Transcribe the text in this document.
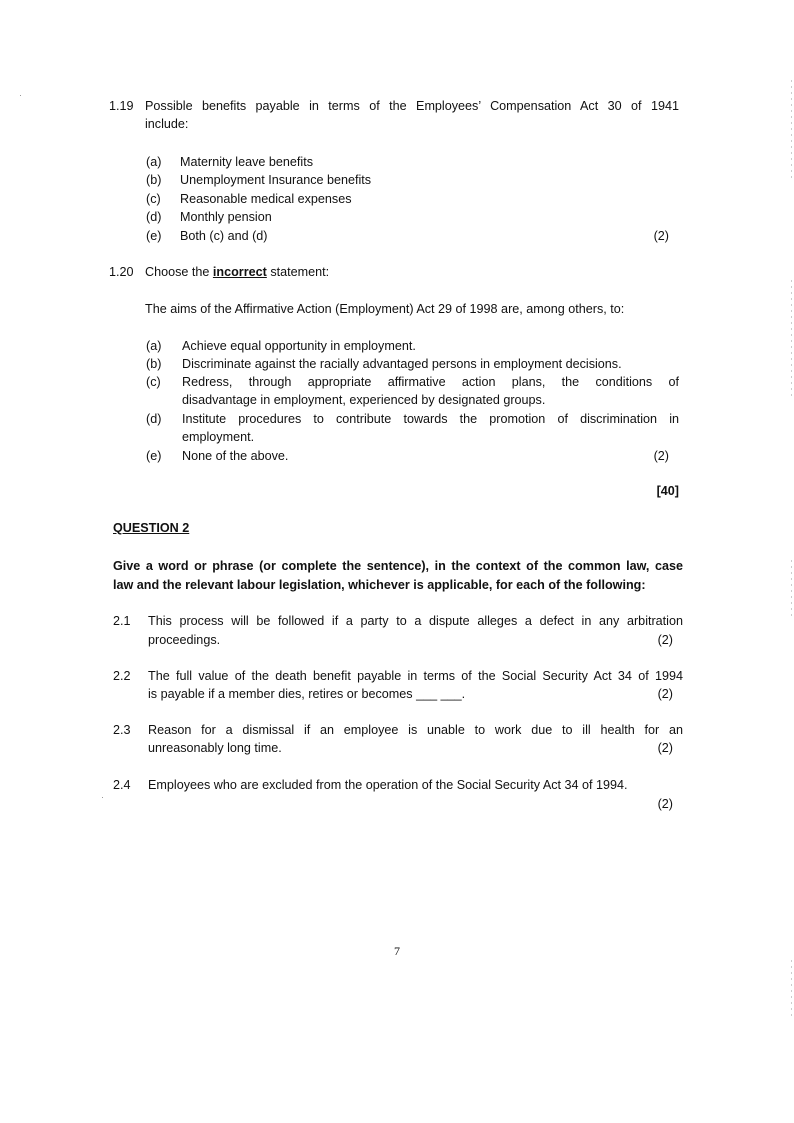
1.19 Possible benefits payable in terms of the Employees’ Compensation Act 30 of 1941
include:
(a) Maternity leave benefits
(b) Unemployment Insurance benefits
(c) Reasonable medical expenses
(d) Monthly pension
(e) Both (c) and (d)	(2)
1.20 Choose the incorrect statement:
The aims of the Affirmative Action (Employment) Act 29 of 1998 are, among others, to:
(a) Achieve equal opportunity in employment.
(b) Discriminate against the racially advantaged persons in employment decisions.
(c) Redress, through appropriate affirmative action plans, the conditions of
disadvantage in employment, experienced by designated groups.
(d) Institute procedures to contribute towards the promotion of discrimination in
employment.
(e) None of the above.	(2)
[40]
QUESTION 2
Give a word or phrase (or complete the sentence), in the context of the common law, case
law and the relevant labour legislation, whichever is applicable, for each of the following:
2.1 This process will be followed if a party to a dispute alleges a defect in any arbitration
proceedings.	(2)
2.2 The full value of the death benefit payable in terms of the Social Security Act 34 of 1994
is payable if a member dies, retires or becomes ___ ___.	(2)
2.3 Reason for a dismissal if an employee is unable to work due to ill health for an
unreasonably long time.	(2)
2.4 Employees who are excluded from the operation of the Social Security Act 34 of 1994.
(2)
7
